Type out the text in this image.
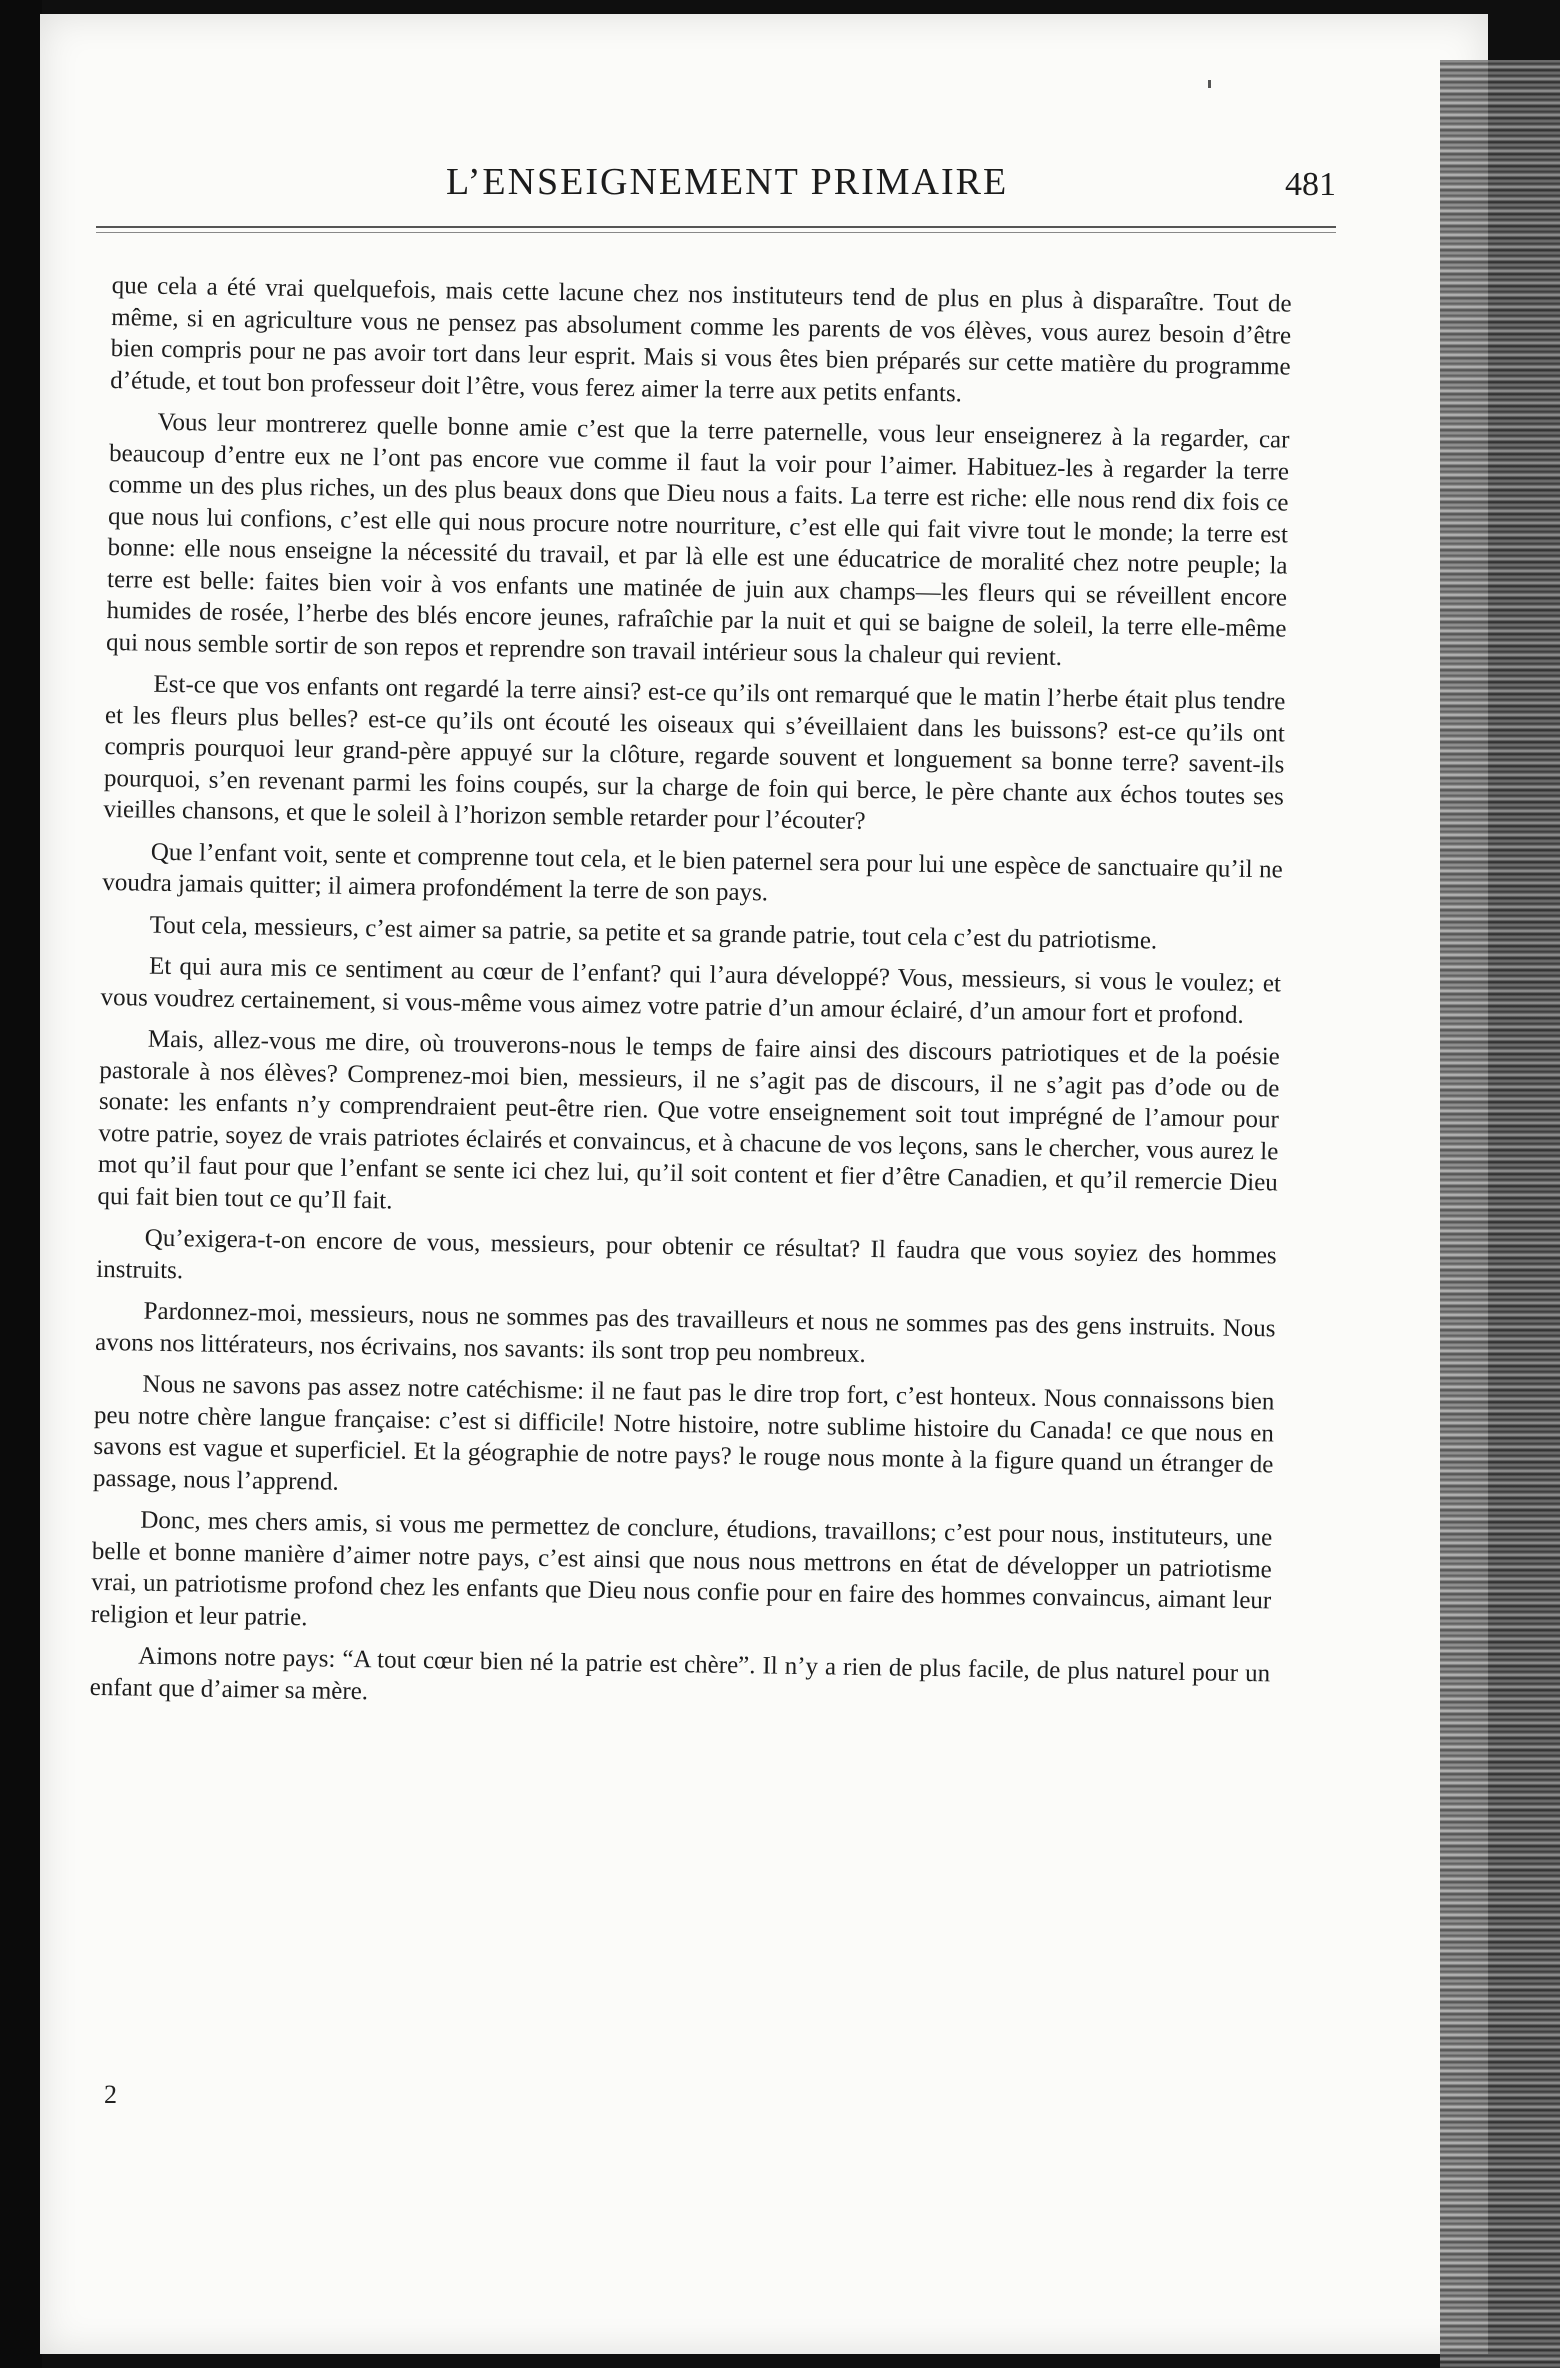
L’ENSEIGNEMENT PRIMAIRE	481

que cela a été vrai quelquefois, mais cette lacune chez nos instituteurs tend de plus en plus à disparaître. Tout de même, si en agriculture vous ne pensez pas absolument comme les parents de vos élèves, vous aurez besoin d’être bien compris pour ne pas avoir tort dans leur esprit. Mais si vous êtes bien préparés sur cette matière du programme d’étude, et tout bon professeur doit l’être, vous ferez aimer la terre aux petits enfants.

Vous leur montrerez quelle bonne amie c’est que la terre paternelle, vous leur enseignerez à la regarder, car beaucoup d’entre eux ne l’ont pas encore vue comme il faut la voir pour l’aimer. Habituez-les à regarder la terre comme un des plus riches, un des plus beaux dons que Dieu nous a faits. La terre est riche: elle nous rend dix fois ce que nous lui confions, c’est elle qui nous procure notre nourriture, c’est elle qui fait vivre tout le monde; la terre est bonne: elle nous enseigne la nécessité du travail, et par là elle est une éducatrice de moralité chez notre peuple; la terre est belle: faites bien voir à vos enfants une matinée de juin aux champs—les fleurs qui se réveillent encore humides de rosée, l’herbe des blés encore jeunes, rafraîchie par la nuit et qui se baigne de soleil, la terre elle-même qui nous semble sortir de son repos et reprendre son travail intérieur sous la chaleur qui revient.

Est-ce que vos enfants ont regardé la terre ainsi? est-ce qu’ils ont remarqué que le matin l’herbe était plus tendre et les fleurs plus belles? est-ce qu’ils ont écouté les oiseaux qui s’éveillaient dans les buissons? est-ce qu’ils ont compris pourquoi leur grand-père appuyé sur la clôture, regarde souvent et longuement sa bonne terre? savent-ils pourquoi, s’en revenant parmi les foins coupés, sur la charge de foin qui berce, le père chante aux échos toutes ses vieilles chansons, et que le soleil à l’horizon semble retarder pour l’écouter?

Que l’enfant voit, sente et comprenne tout cela, et le bien paternel sera pour lui une espèce de sanctuaire qu’il ne voudra jamais quitter; il aimera profondément la terre de son pays.

Tout cela, messieurs, c’est aimer sa patrie, sa petite et sa grande patrie, tout cela c’est du patriotisme.

Et qui aura mis ce sentiment au cœur de l’enfant? qui l’aura développé? Vous, messieurs, si vous le voulez; et vous voudrez certainement, si vous-même vous aimez votre patrie d’un amour éclairé, d’un amour fort et profond.

Mais, allez-vous me dire, où trouverons-nous le temps de faire ainsi des discours patriotiques et de la poésie pastorale à nos élèves? Comprenez-moi bien, messieurs, il ne s’agit pas de discours, il ne s’agit pas d’ode ou de sonate: les enfants n’y comprendraient peut-être rien. Que votre enseignement soit tout imprégné de l’amour pour votre patrie, soyez de vrais patriotes éclairés et convaincus, et à chacune de vos leçons, sans le chercher, vous aurez le mot qu’il faut pour que l’enfant se sente ici chez lui, qu’il soit content et fier d’être Canadien, et qu’il remercie Dieu qui fait bien tout ce qu’Il fait.

Qu’exigera-t-on encore de vous, messieurs, pour obtenir ce résultat? Il faudra que vous soyiez des hommes instruits.

Pardonnez-moi, messieurs, nous ne sommes pas des travailleurs et nous ne sommes pas des gens instruits. Nous avons nos littérateurs, nos écrivains, nos savants: ils sont trop peu nombreux.

Nous ne savons pas assez notre catéchisme: il ne faut pas le dire trop fort, c’est honteux. Nous connaissons bien peu notre chère langue française: c’est si difficile! Notre histoire, notre sublime histoire du Canada! ce que nous en savons est vague et superficiel. Et la géographie de notre pays? le rouge nous monte à la figure quand un étranger de passage, nous l’apprend.

Donc, mes chers amis, si vous me permettez de conclure, étudions, travaillons; c’est pour nous, instituteurs, une belle et bonne manière d’aimer notre pays, c’est ainsi que nous nous mettrons en état de développer un patriotisme vrai, un patriotisme profond chez les enfants que Dieu nous confie pour en faire des hommes convaincus, aimant leur religion et leur patrie.

Aimons notre pays: “A tout cœur bien né la patrie est chère”. Il n’y a rien de plus facile, de plus naturel pour un enfant que d’aimer sa mère.

2
